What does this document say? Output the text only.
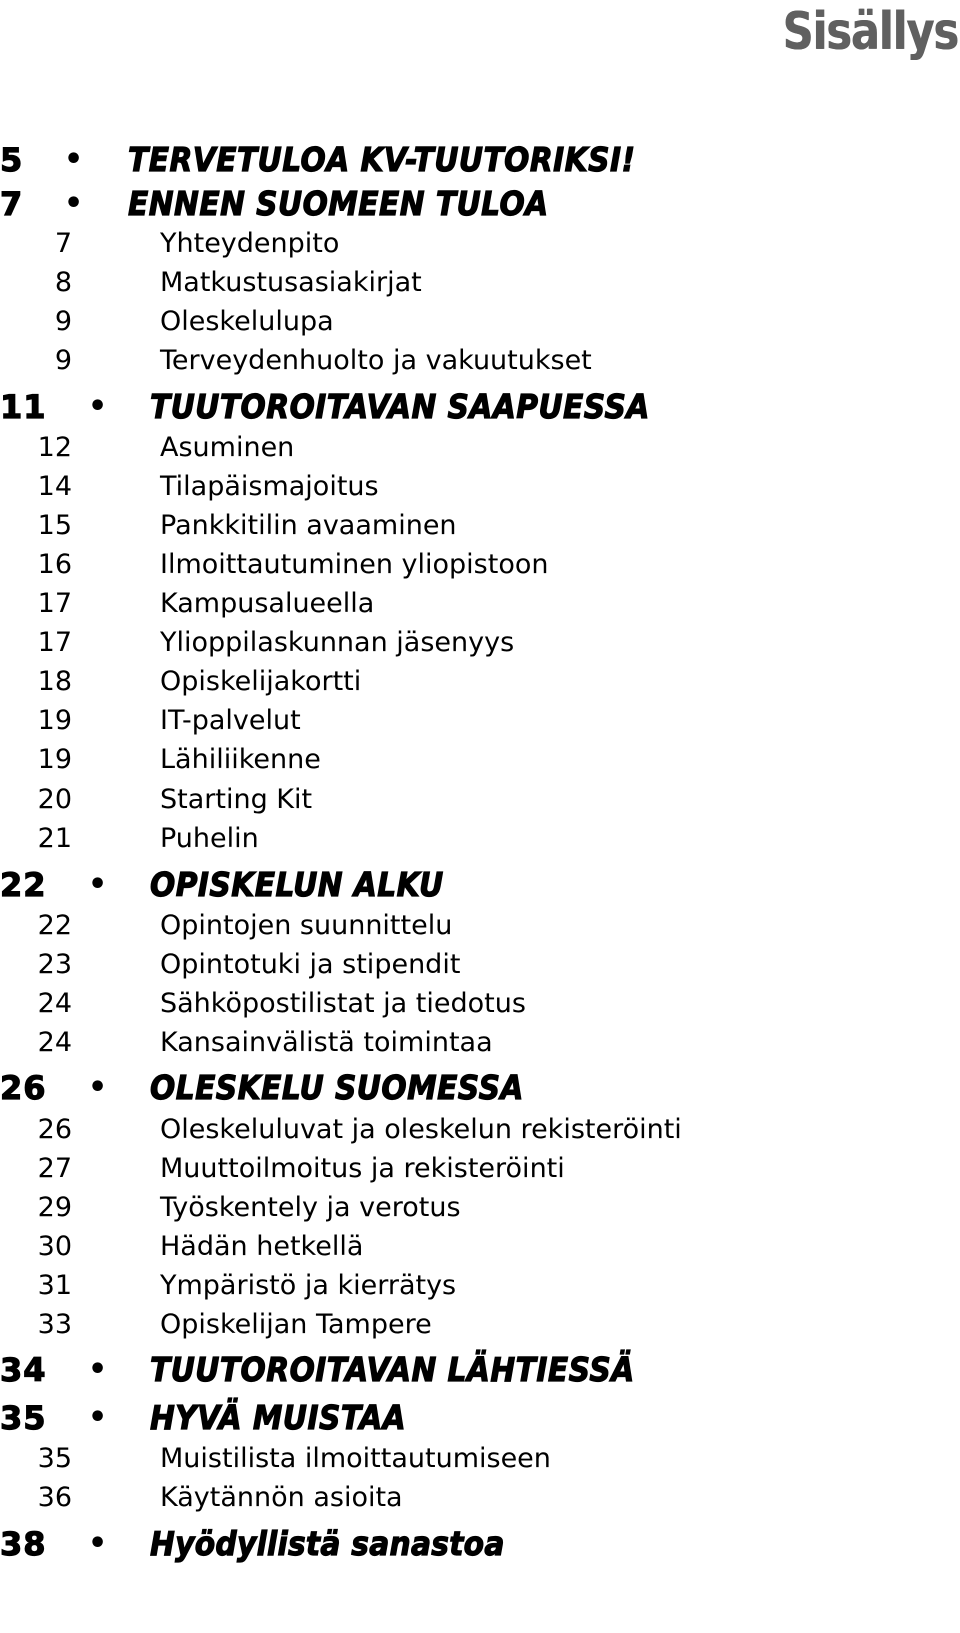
Sisällys
5 • TERVETULOA KV-TUUTORIKSI!
7 • ENNEN SUOMEEN TULOA
7	Yhteydenpito
8	Matkustusasiakirjat
9	Oleskelulupa
9	Terveydenhuolto ja vakuutukset
11 • TUUTOROITAVAN SAAPUESSA
12	Asuminen
14	Tilapäismajoitus
15	Pankkitilin avaaminen
16	Ilmoittautuminen yliopistoon
17	Kampusalueella
17	Ylioppilaskunnan jäsenyys
18	Opiskelijakortti
19	IT-palvelut
19	Lähiliikenne
20	Starting Kit
21	Puhelin
22 • OPISKELUN ALKU
22	Opintojen suunnittelu
23	Opintotuki ja stipendit
24	Sähköpostilistat ja tiedotus
24	Kansainvälistä toimintaa
26 • OLESKELU SUOMESSA
26	Oleskeluluvat ja oleskelun rekisteröinti
27	Muuttoilmoitus ja rekisteröinti
29	Työskentely ja verotus
30	Hädän hetkellä
31	Ympäristö ja kierrätys
33	Opiskelijan Tampere
34 • TUUTOROITAVAN LÄHTIESSÄ
35 • HYVÄ MUISTAA
35	Muistilista ilmoittautumiseen
36	Käytännön asioita
38 • Hyödyllistä sanastoa
